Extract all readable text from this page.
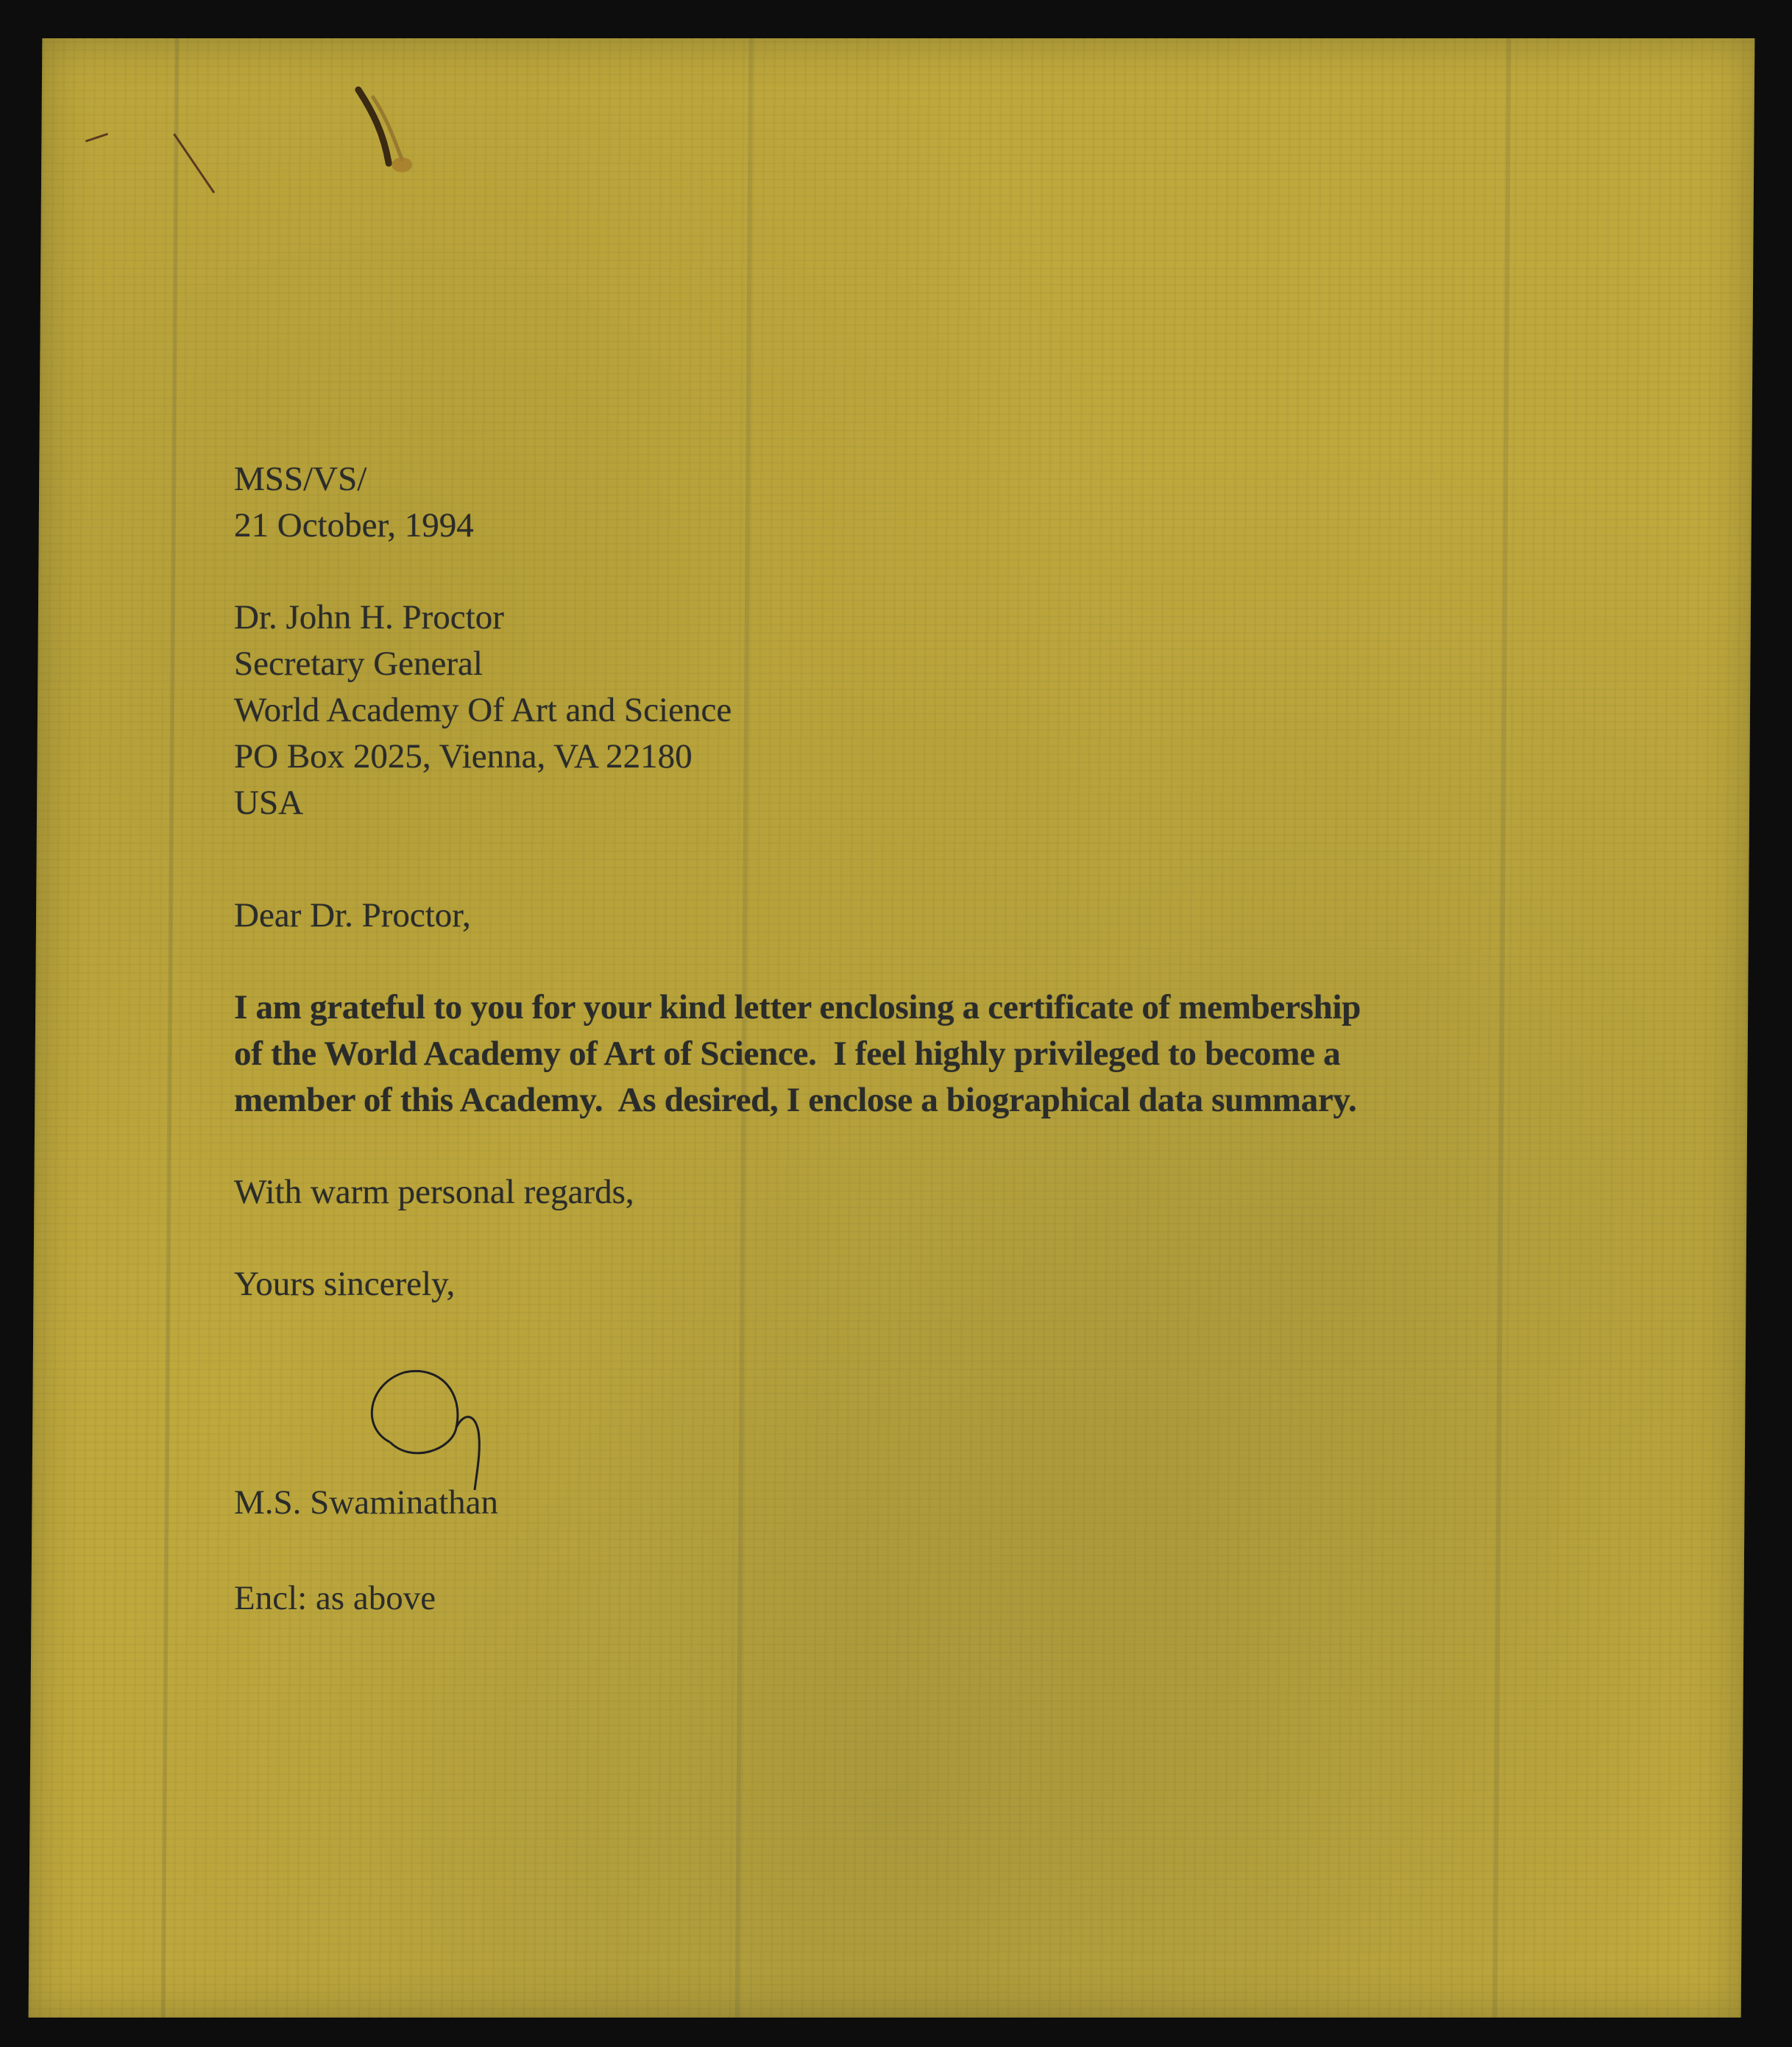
MSS/VS/
21 October, 1994
Dr. John H. Proctor
Secretary General
World Academy Of Art and Science
PO Box 2025, Vienna, VA 22180
USA
Dear Dr. Proctor,
I am grateful to you for your kind letter enclosing a certificate of membership
of the World Academy of Art of Science.  I feel highly privileged to become a
member of this Academy.  As desired, I enclose a biographical data summary.
With warm personal regards,
Yours sincerely,
M.S. Swaminathan
Encl: as above
